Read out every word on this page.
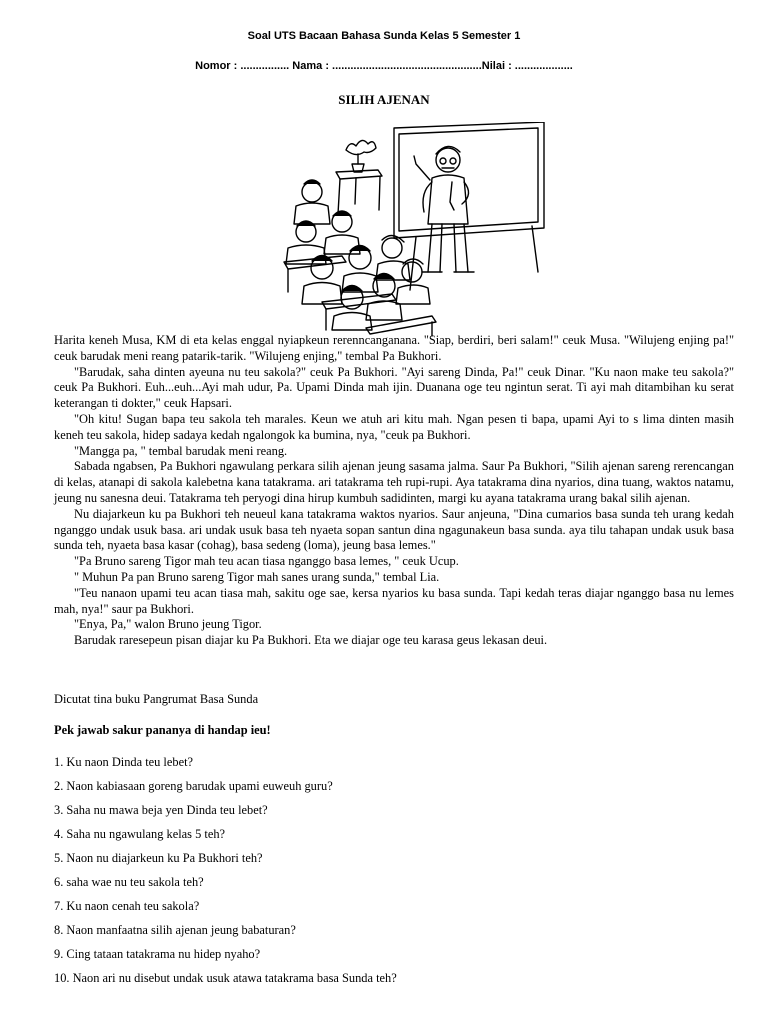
Soal UTS Bacaan Bahasa Sunda Kelas 5 Semester 1
Nomor : ................ Nama : .................................................Nilai : ...................
SILIH AJENAN

Harita keneh Musa, KM di eta kelas enggal nyiapkeun rerenncanganana. "Siap, berdiri, beri salam!" ceuk Musa. "Wilujeng enjing pa!" ceuk barudak meni reang patarik-tarik. "Wilujeng enjing," tembal Pa Bukhori.

"Barudak, saha dinten ayeuna nu teu sakola?" ceuk Pa Bukhori. "Ayi sareng Dinda, Pa!" ceuk Dinar. "Ku naon make teu sakola?" ceuk Pa Bukhori. Euh...euh...Ayi mah udur, Pa. Upami Dinda mah ijin. Duanana oge teu ngintun serat. Ti ayi mah ditambihan ku serat keterangan ti dokter," ceuk Hapsari.

"Oh kitu! Sugan bapa teu sakola teh marales. Keun we atuh ari kitu mah. Ngan pesen ti bapa, upami Ayi to s lima dinten masih keneh teu sakola, hidep sadaya kedah ngalongok ka bumina, nya, "ceuk pa Bukhori.

"Mangga pa, " tembal barudak meni reang.

Sabada ngabsen, Pa Bukhori ngawulang perkara silih ajenan jeung sasama jalma. Saur Pa Bukhori, "Silih ajenan sareng rerencangan di kelas, atanapi di sakola kalebetna kana tatakrama. ari tatakrama teh rupi-rupi. Aya tatakrama dina nyarios, dina tuang, waktos natamu, jeung nu sanesna deui. Tatakrama teh peryogi dina hirup kumbuh sadidinten, margi ku ayana tatakrama urang bakal silih ajenan.

Nu diajarkeun ku pa Bukhori teh neueul kana tatakrama waktos nyarios. Saur anjeuna, "Dina cumarios basa sunda teh urang kedah nganggo undak usuk basa. ari undak usuk basa teh nyaeta sopan santun dina ngagunakeun basa sunda. aya tilu tahapan undak usuk basa sunda teh, nyaeta basa kasar (cohag), basa sedeng (loma), jeung basa lemes."

"Pa Bruno sareng Tigor mah teu acan tiasa nganggo basa lemes, " ceuk Ucup.

" Muhun Pa pan Bruno sareng Tigor mah sanes urang sunda," tembal Lia.

"Teu nanaon upami teu acan tiasa mah, sakitu oge sae, kersa nyarios ku basa sunda. Tapi kedah teras diajar nganggo basa nu lemes mah, nya!" saur pa Bukhori.

"Enya, Pa," walon Bruno jeung Tigor.

Barudak raresepeun pisan diajar ku Pa Bukhori. Eta we diajar oge teu karasa geus lekasan deui.

Dicutat tina buku Pangrumat Basa Sunda
Pek jawab sakur pananya di handap ieu!
1. Ku naon Dinda teu lebet?
2. Naon kabiasaan goreng barudak upami euweuh guru?
3. Saha nu mawa beja yen Dinda teu lebet?
4. Saha nu ngawulang kelas 5 teh?
5. Naon nu diajarkeun ku Pa Bukhori teh?
6. saha wae nu teu sakola teh?
7. Ku naon cenah teu sakola?
8. Naon manfaatna silih ajenan jeung babaturan?
9. Cing tataan tatakrama nu hidep nyaho?
10. Naon ari nu disebut undak usuk atawa tatakrama basa Sunda teh?
